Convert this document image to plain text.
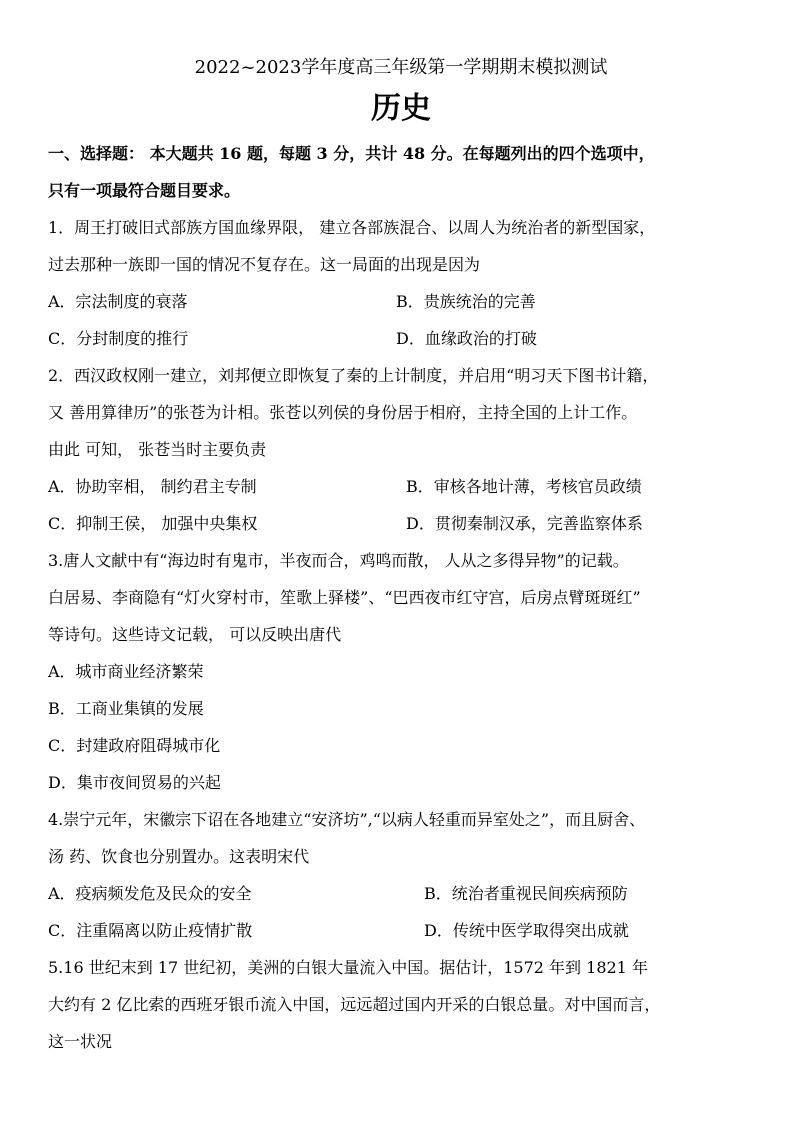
2022~2023学年度高三年级第一学期期末模拟测试

历史

一、选择题： 本大题共 16 题，每题 3 分，共计 48 分。在每题列出的四个选项中，

只有一项最符合题目要求。

1．周王打破旧式部族方国血缘界限， 建立各部族混合、以周人为统治者的新型国家，

过去那种一族即一国的情况不复存在。这一局面的出现是因为

A．宗法制度的衰落	B．贵族统治的完善
C．分封制度的推行	D．血缘政治的打破

2．西汉政权刚一建立，刘邦便立即恢复了秦的上计制度，并启用“明习天下图书计籍，

又 善用算律历”的张苍为计相。张苍以列侯的身份居于相府，主持全国的上计工作。

由此 可知， 张苍当时主要负责

A．协助宰相， 制约君主专制	B．审核各地计薄，考核官员政绩
C．抑制王侯， 加强中央集权	D．贯彻秦制汉承，完善监察体系

3.唐人文献中有“海边时有鬼市，半夜而合，鸡鸣而散， 人从之多得异物”的记载。

白居易、李商隐有“灯火穿村市，笙歌上驿楼”、“巴西夜市红守宫，后房点臂斑斑红”

等诗句。这些诗文记载， 可以反映出唐代

A．城市商业经济繁荣
B．工商业集镇的发展
C．封建政府阻碍城市化
D．集市夜间贸易的兴起

4.崇宁元年，宋徽宗下诏在各地建立“安济坊”,“以病人轻重而异室处之”，而且厨舍、

汤 药、饮食也分别置办。这表明宋代

A．疫病频发危及民众的安全	B．统治者重视民间疾病预防
C．注重隔离以防止疫情扩散	D．传统中医学取得突出成就

5.16 世纪末到 17 世纪初，美洲的白银大量流入中国。据估计，1572 年到 1821 年

大约有 2 亿比索的西班牙银币流入中国，远远超过国内开采的白银总量。对中国而言，

这一状况
